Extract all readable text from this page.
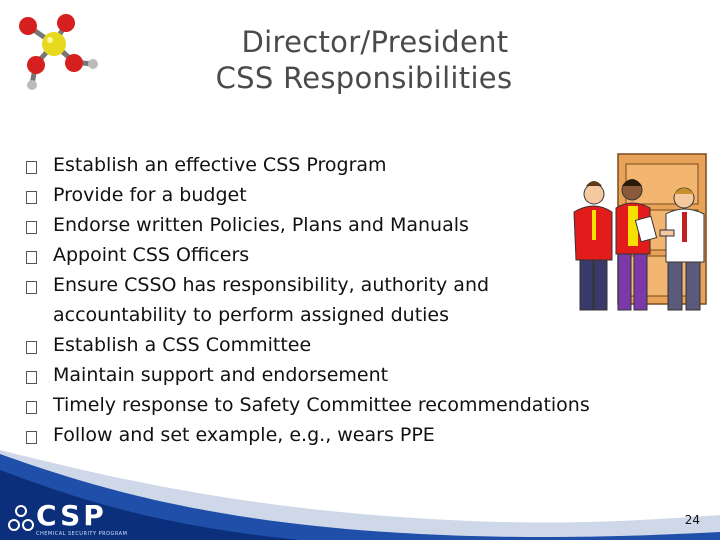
Director/President
CSS Responsibilities
Establish an effective CSS Program
Provide for a budget
Endorse written Policies, Plans and Manuals
Appoint CSS Officers
Ensure CSSO has responsibility, authority and accountability to perform assigned duties
Establish a CSS Committee
Maintain support and endorsement
Timely response to Safety Committee recommendations
Follow and set example, e.g., wears PPE
CSP
CHEMICAL SECURITY PROGRAM
24
